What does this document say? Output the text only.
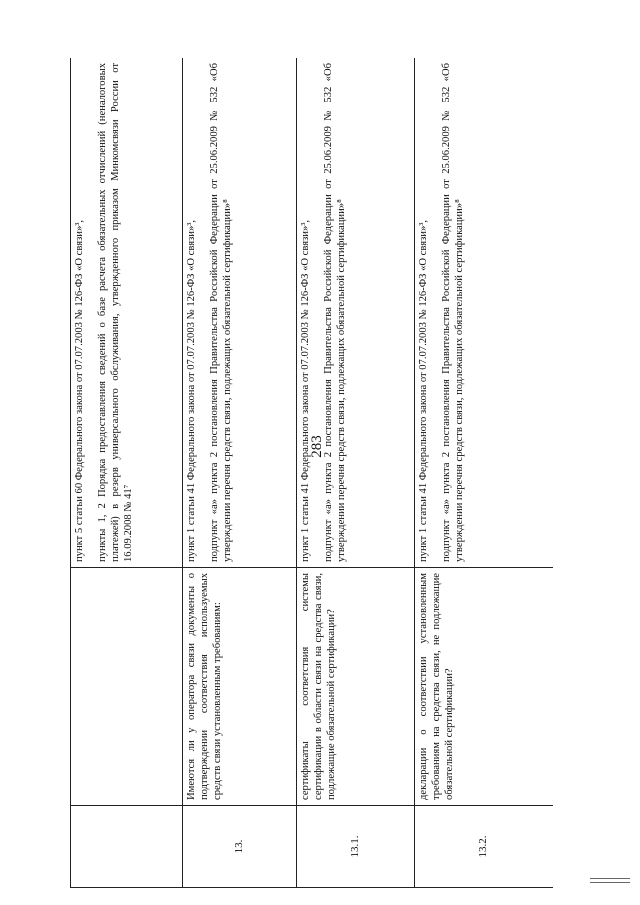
283

		пункт 5 статьи 60 Федерального закона от 07.07.2003 № 126-ФЗ «О связи»³, пункты 1, 2 Порядка предоставления сведений о базе расчета обязательных отчислений (неналоговых платежей) в резерв универсального обслуживания, утвержденного приказом Минкомсвязи России от 16.09.2008 № 41⁷

13.	Имеются ли у оператора связи документы о подтверждении соответствия используемых средств связи установленным требованиям:	пункт 1 статьи 41 Федерального закона от 07.07.2003 № 126-ФЗ «О связи»³, подпункт «а» пункта 2 постановления Правительства Российской Федерации от 25.06.2009 № 532 «Об утверждении перечня средств связи, подлежащих обязательной сертификации»⁸

13.1.	сертификаты соответствия системы сертификации в области связи на средства связи, подлежащие обязательной сертификации?	пункт 1 статьи 41 Федерального закона от 07.07.2003 № 126-ФЗ «О связи»³, подпункт «а» пункта 2 постановления Правительства Российской Федерации от 25.06.2009 № 532 «Об утверждении перечня средств связи, подлежащих обязательной сертификации»⁸

13.2.	декларации о соответствии установленным требованиям на средства связи, не подлежащие обязательной сертификации?	пункт 1 статьи 41 Федерального закона от 07.07.2003 № 126-ФЗ «О связи»³, подпункт «а» пункта 2 постановления Правительства Российской Федерации от 25.06.2009 № 532 «Об утверждении перечня средств связи, подлежащих обязательной сертификации»⁸
